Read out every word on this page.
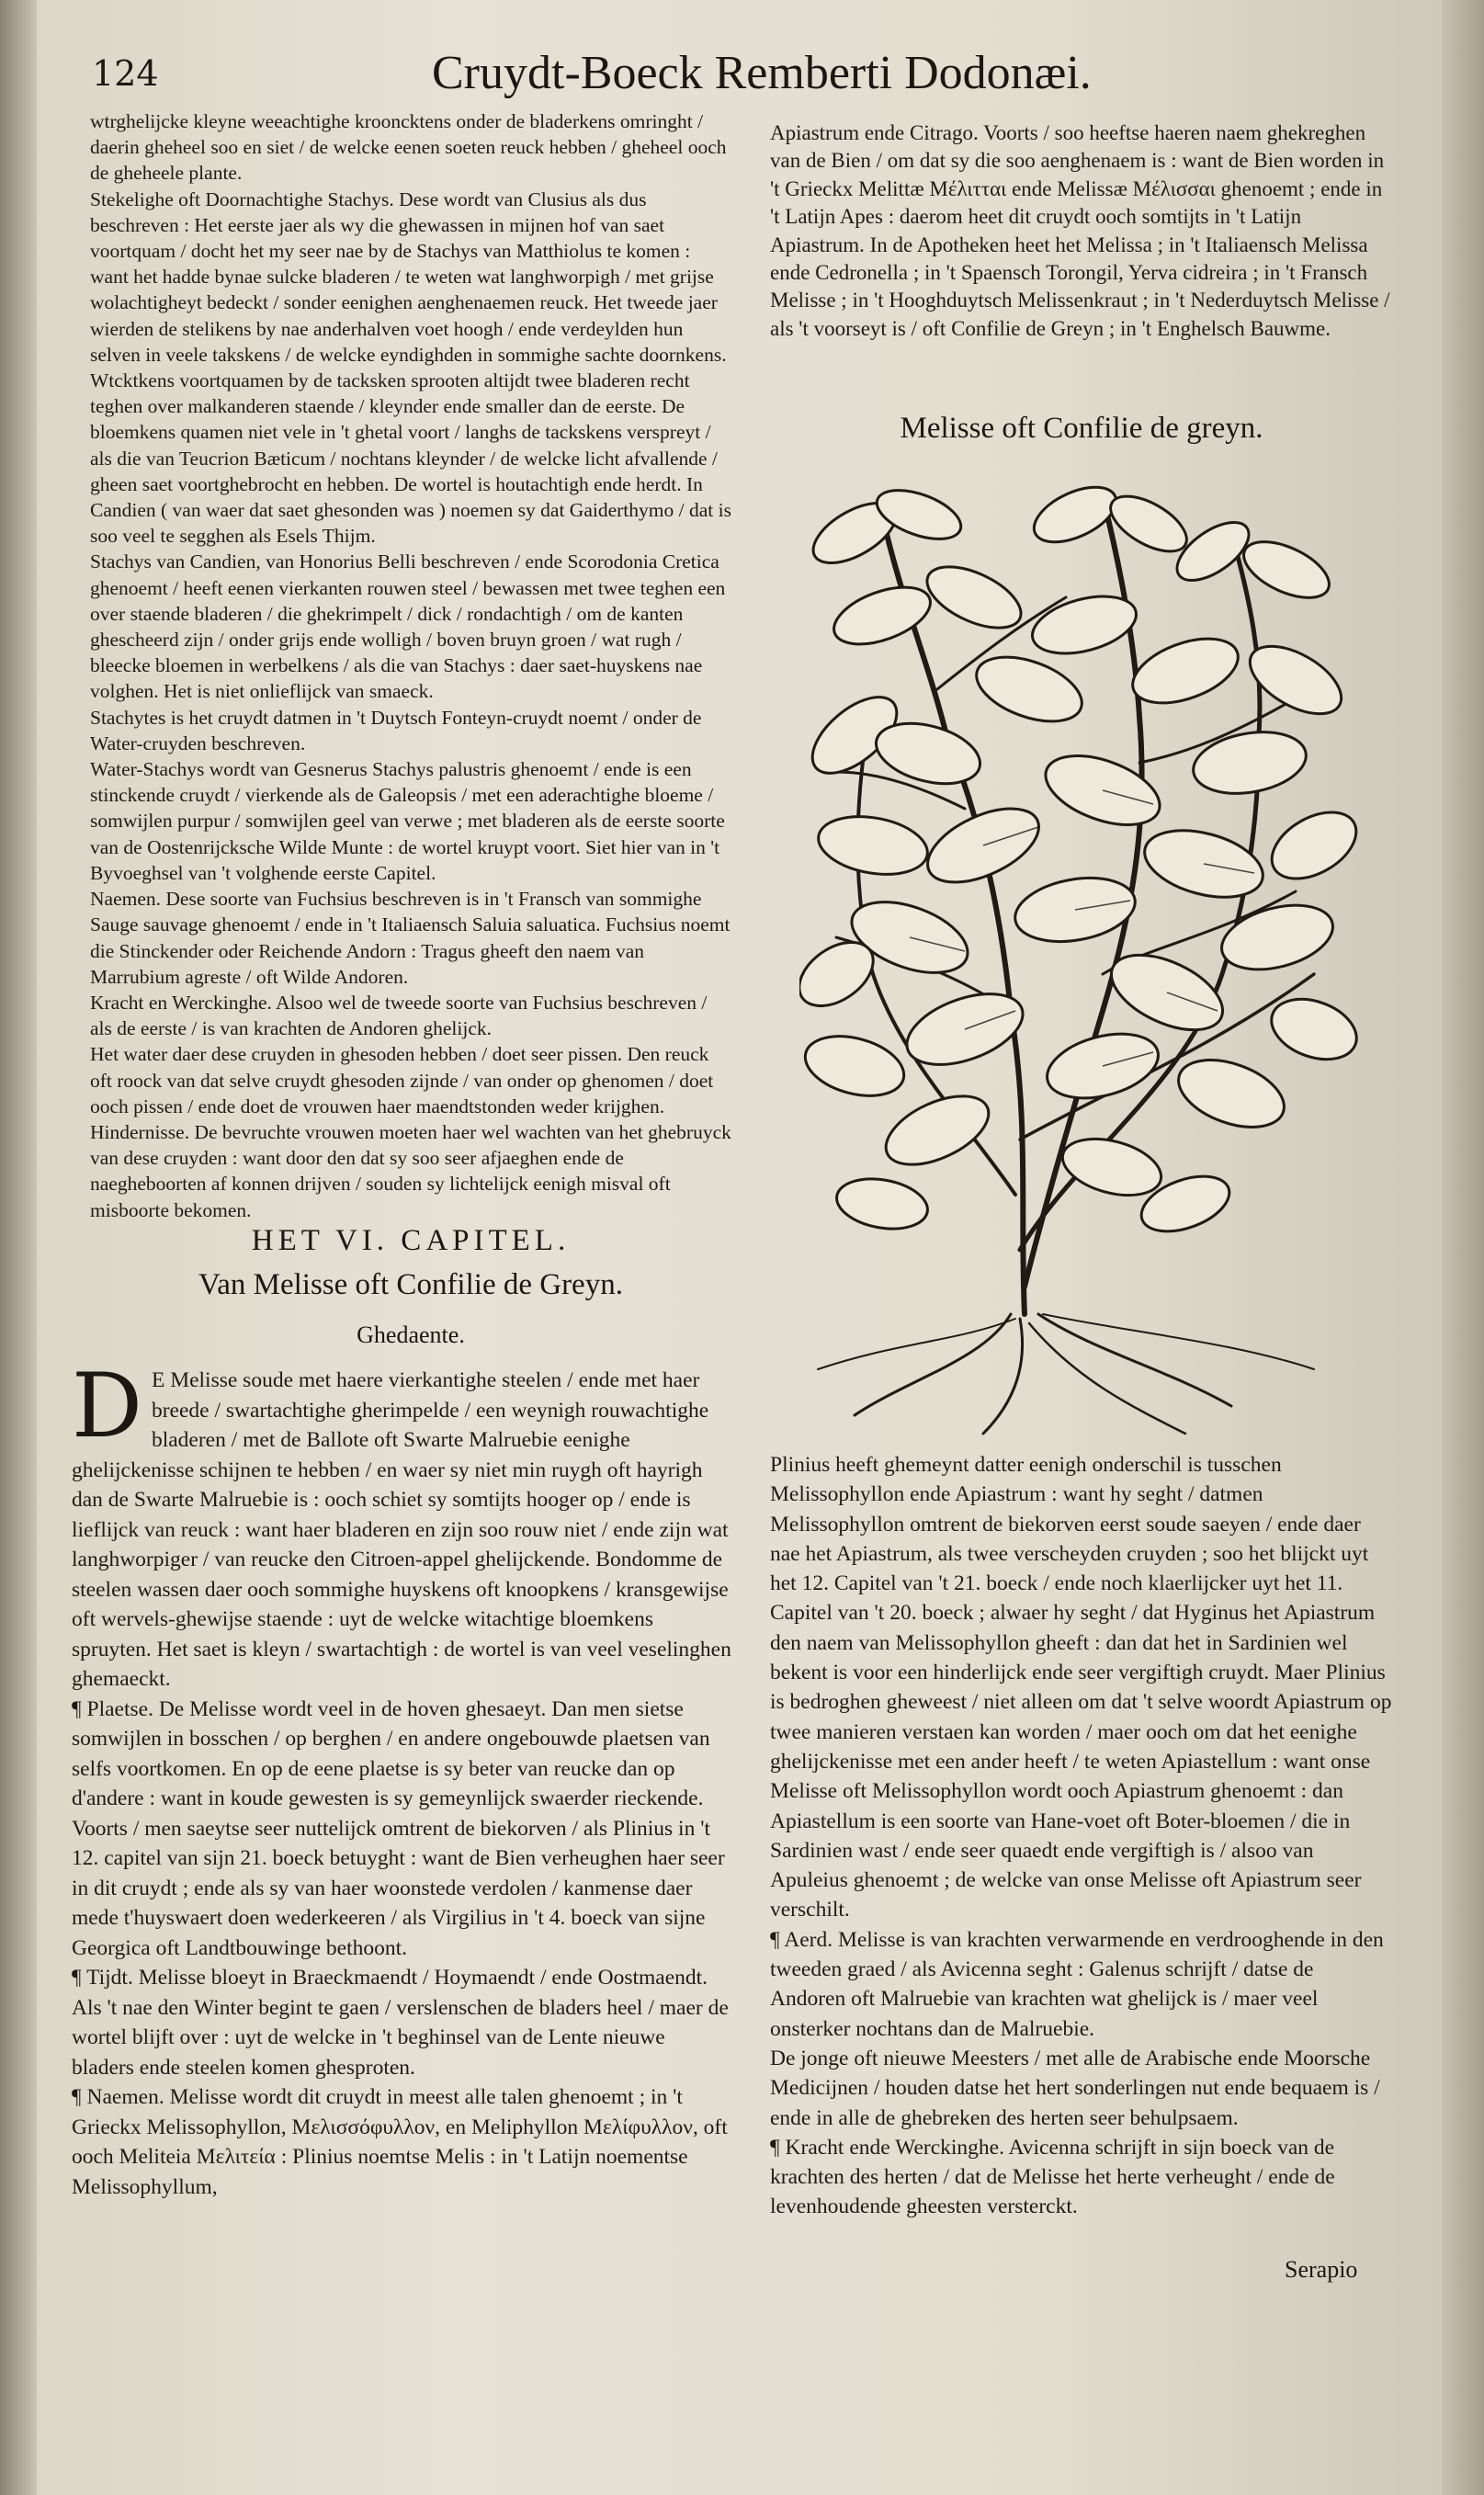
124	Cruydt-Boeck Remberti Dodonæi.

wtrghelijcke kleyne weeachtighe krooncktens onder de bladerkens omringht / daerin gheheel soo en siet / de welcke eenen soeten reuck hebben / gheheel ooch de gheheele plante.

Stekelighe oft Doornachtighe Stachys. Dese wordt van Clusius als dus beschreven : Het eerste jaer als wy die ghewassen in mijnen hof van saet voortquam / docht het my seer nae by de Stachys van Matthiolus te komen : want het hadde bynae sulcke bladeren / te weten wat langhworpigh / met grijse wolachtigheyt bedeckt / sonder eenighen aenghenaemen reuck. Het tweede jaer wierden de stelikens by nae anderhalven voet hoogh / ende verdeylden hun selven in veele takskens / de welcke eyndighden in sommighe sachte doornkens. Wtcktkens voortquamen by de tacksken sprooten altijdt twee bladeren recht teghen over malkanderen staende / kleynder ende smaller dan de eerste. De bloemkens quamen niet vele in 't ghetal voort / langhs de tackskens verspreyt / als die van Teucrion Bæticum / nochtans kleynder / de welcke licht afvallende / gheen saet voortghebrocht en hebben. De wortel is houtachtigh ende herdt. In Candien ( van waer dat saet ghesonden was ) noemen sy dat Gaiderthymo / dat is soo veel te segghen als Esels Thijm.

Stachys van Candien, van Honorius Belli beschreven / ende Scorodonia Cretica ghenoemt / heeft eenen vierkanten rouwen steel / bewassen met twee teghen een over staende bladeren / die ghekrimpelt / dick / rondachtigh / om de kanten ghescheerd zijn / onder grijs ende wolligh / boven bruyn groen / wat rugh / bleecke bloemen in werbelkens / als die van Stachys : daer saet-huyskens nae volghen. Het is niet onlieflijck van smaeck.

Stachytes is het cruydt datmen in 't Duytsch Fonteyn-cruydt noemt / onder de Water-cruyden beschreven.

Water-Stachys wordt van Gesnerus Stachys palustris ghenoemt / ende is een stinckende cruydt / vierkende als de Galeopsis / met een aderachtighe bloeme / somwijlen purpur / somwijlen geel van verwe ; met bladeren als de eerste soorte van de Oostenrijcksche Wilde Munte : de wortel kruypt voort. Siet hier van in 't Byvoeghsel van 't volghende eerste Capitel.

Naemen. Dese soorte van Fuchsius beschreven is in 't Fransch van sommighe Sauge sauvage ghenoemt / ende in 't Italiaensch Saluia saluatica. Fuchsius noemt die Stinckender oder Reichende Andorn : Tragus gheeft den naem van Marrubium agreste / oft Wilde Andoren.

Kracht en Werckinghe. Alsoo wel de tweede soorte van Fuchsius beschreven / als de eerste / is van krachten de Andoren ghelijck.

Het water daer dese cruyden in ghesoden hebben / doet seer pissen. Den reuck oft roock van dat selve cruydt ghesoden zijnde / van onder op ghenomen / doet ooch pissen / ende doet de vrouwen haer maendtstonden weder krijghen.

Hindernisse. De bevruchte vrouwen moeten haer wel wachten van het ghebruyck van dese cruyden : want door den dat sy soo seer afjaeghen ende de naegheboorten af konnen drijven / souden sy lichtelijck eenigh misval oft misboorte bekomen.

HET VI. CAPITEL.
Van Melisse oft Confilie de Greyn.
Ghedaente.

D E Melisse soude met haere vierkantighe steelen / ende met haer breede / swartachtighe gherimpelde / een weynigh rouwachtighe bladeren / met de Ballote oft Swarte Malruebie eenighe ghelijckenisse schijnen te hebben / en waer sy niet min ruygh oft hayrigh dan de Swarte Malruebie is : ooch schiet sy somtijts hooger op / ende is lieflijck van reuck : want haer bladeren en zijn soo rouw niet / ende zijn wat langhworpiger / van reucke den Citroen-appel ghelijckende. Bondomme de steelen wassen daer ooch sommighe huyskens oft knoopkens / kransgewijse oft wervels-ghewijse staende : uyt de welcke witachtige bloemkens spruyten. Het saet is kleyn / swartachtigh : de wortel is van veel veselinghen ghemaeckt.

¶ Plaetse. De Melisse wordt veel in de hoven ghesaeyt. Dan men sietse somwijlen in bosschen / op berghen / en andere ongebouwde plaetsen van selfs voortkomen. En op de eene plaetse is sy beter van reucke dan op d'andere : want in koude gewesten is sy gemeynlijck swaerder rieckende. Voorts / men saeytse seer nuttelijck omtrent de biekorven / als Plinius in 't 12. capitel van sijn 21. boeck betuyght : want de Bien verheughen haer seer in dit cruydt ; ende als sy van haer woonstede verdolen / kanmense daer mede t'huyswaert doen wederkeeren / als Virgilius in 't 4. boeck van sijne Georgica oft Landtbouwinge bethoont.

¶ Tijdt. Melisse bloeyt in Braeckmaendt / Hoymaendt / ende Oostmaendt. Als 't nae den Winter begint te gaen / verslenschen de bladers heel / maer de wortel blijft over : uyt de welcke in 't beghinsel van de Lente nieuwe bladers ende steelen komen ghesproten.

¶ Naemen. Melisse wordt dit cruydt in meest alle talen ghenoemt ; in 't Grieckx Melissophyllon, Μελισσόφυλλον, en Meliphyllon Μελίφυλλον, oft ooch Meliteia Μελιτεία : Plinius noemtse Melis : in 't Latijn noementse Melissophyllum,

Apiastrum ende Citrago. Voorts / soo heeftse haeren naem ghekreghen van de Bien / om dat sy die soo aenghenaem is : want de Bien worden in 't Grieckx Melittæ Μέλιτται ende Melissæ Μέλισσαι ghenoemt ; ende in 't Latijn Apes : daerom heet dit cruydt ooch somtijts in 't Latijn Apiastrum. In de Apotheken heet het Melissa ; in 't Italiaensch Melissa ende Cedronella ; in 't Spaensch Torongil, Yerva cidreira ; in 't Fransch Melisse ; in 't Hooghduytsch Melissenkraut ; in 't Nederduytsch Melisse / als 't voorseyt is / oft Confilie de Greyn ; in 't Enghelsch Bauwme.

Melisse oft Confilie de greyn.

Plinius heeft ghemeynt datter eenigh onderschil is tusschen Melissophyllon ende Apiastrum : want hy seght / datmen Melissophyllon omtrent de biekorven eerst soude saeyen / ende daer nae het Apiastrum, als twee verscheyden cruyden ; soo het blijckt uyt het 12. Capitel van 't 21. boeck / ende noch klaerlijcker uyt het 11. Capitel van 't 20. boeck ; alwaer hy seght / dat Hyginus het Apiastrum den naem van Melissophyllon gheeft : dan dat het in Sardinien wel bekent is voor een hinderlijck ende seer vergiftigh cruydt. Maer Plinius is bedroghen gheweest / niet alleen om dat 't selve woordt Apiastrum op twee manieren verstaen kan worden / maer ooch om dat het eenighe ghelijckenisse met een ander heeft / te weten Apiastellum : want onse Melisse oft Melissophyllon wordt ooch Apiastrum ghenoemt : dan Apiastellum is een soorte van Hane-voet oft Boter-bloemen / die in Sardinien wast / ende seer quaedt ende vergiftigh is / alsoo van Apuleius ghenoemt ; de welcke van onse Melisse oft Apiastrum seer verschilt.

¶ Aerd. Melisse is van krachten verwarmende en verdrooghende in den tweeden graed / als Avicenna seght : Galenus schrijft / datse de Andoren oft Malruebie van krachten wat ghelijck is / maer veel onsterker nochtans dan de Malruebie.

De jonge oft nieuwe Meesters / met alle de Arabische ende Moorsche Medicijnen / houden datse het hert sonderlingen nut ende bequaem is / ende in alle de ghebreken des herten seer behulpsaem.

¶ Kracht ende Werckinghe. Avicenna schrijft in sijn boeck van de krachten des herten / dat de Melisse het herte verheught / ende de levenhoudende gheesten versterckt.

Serapio
